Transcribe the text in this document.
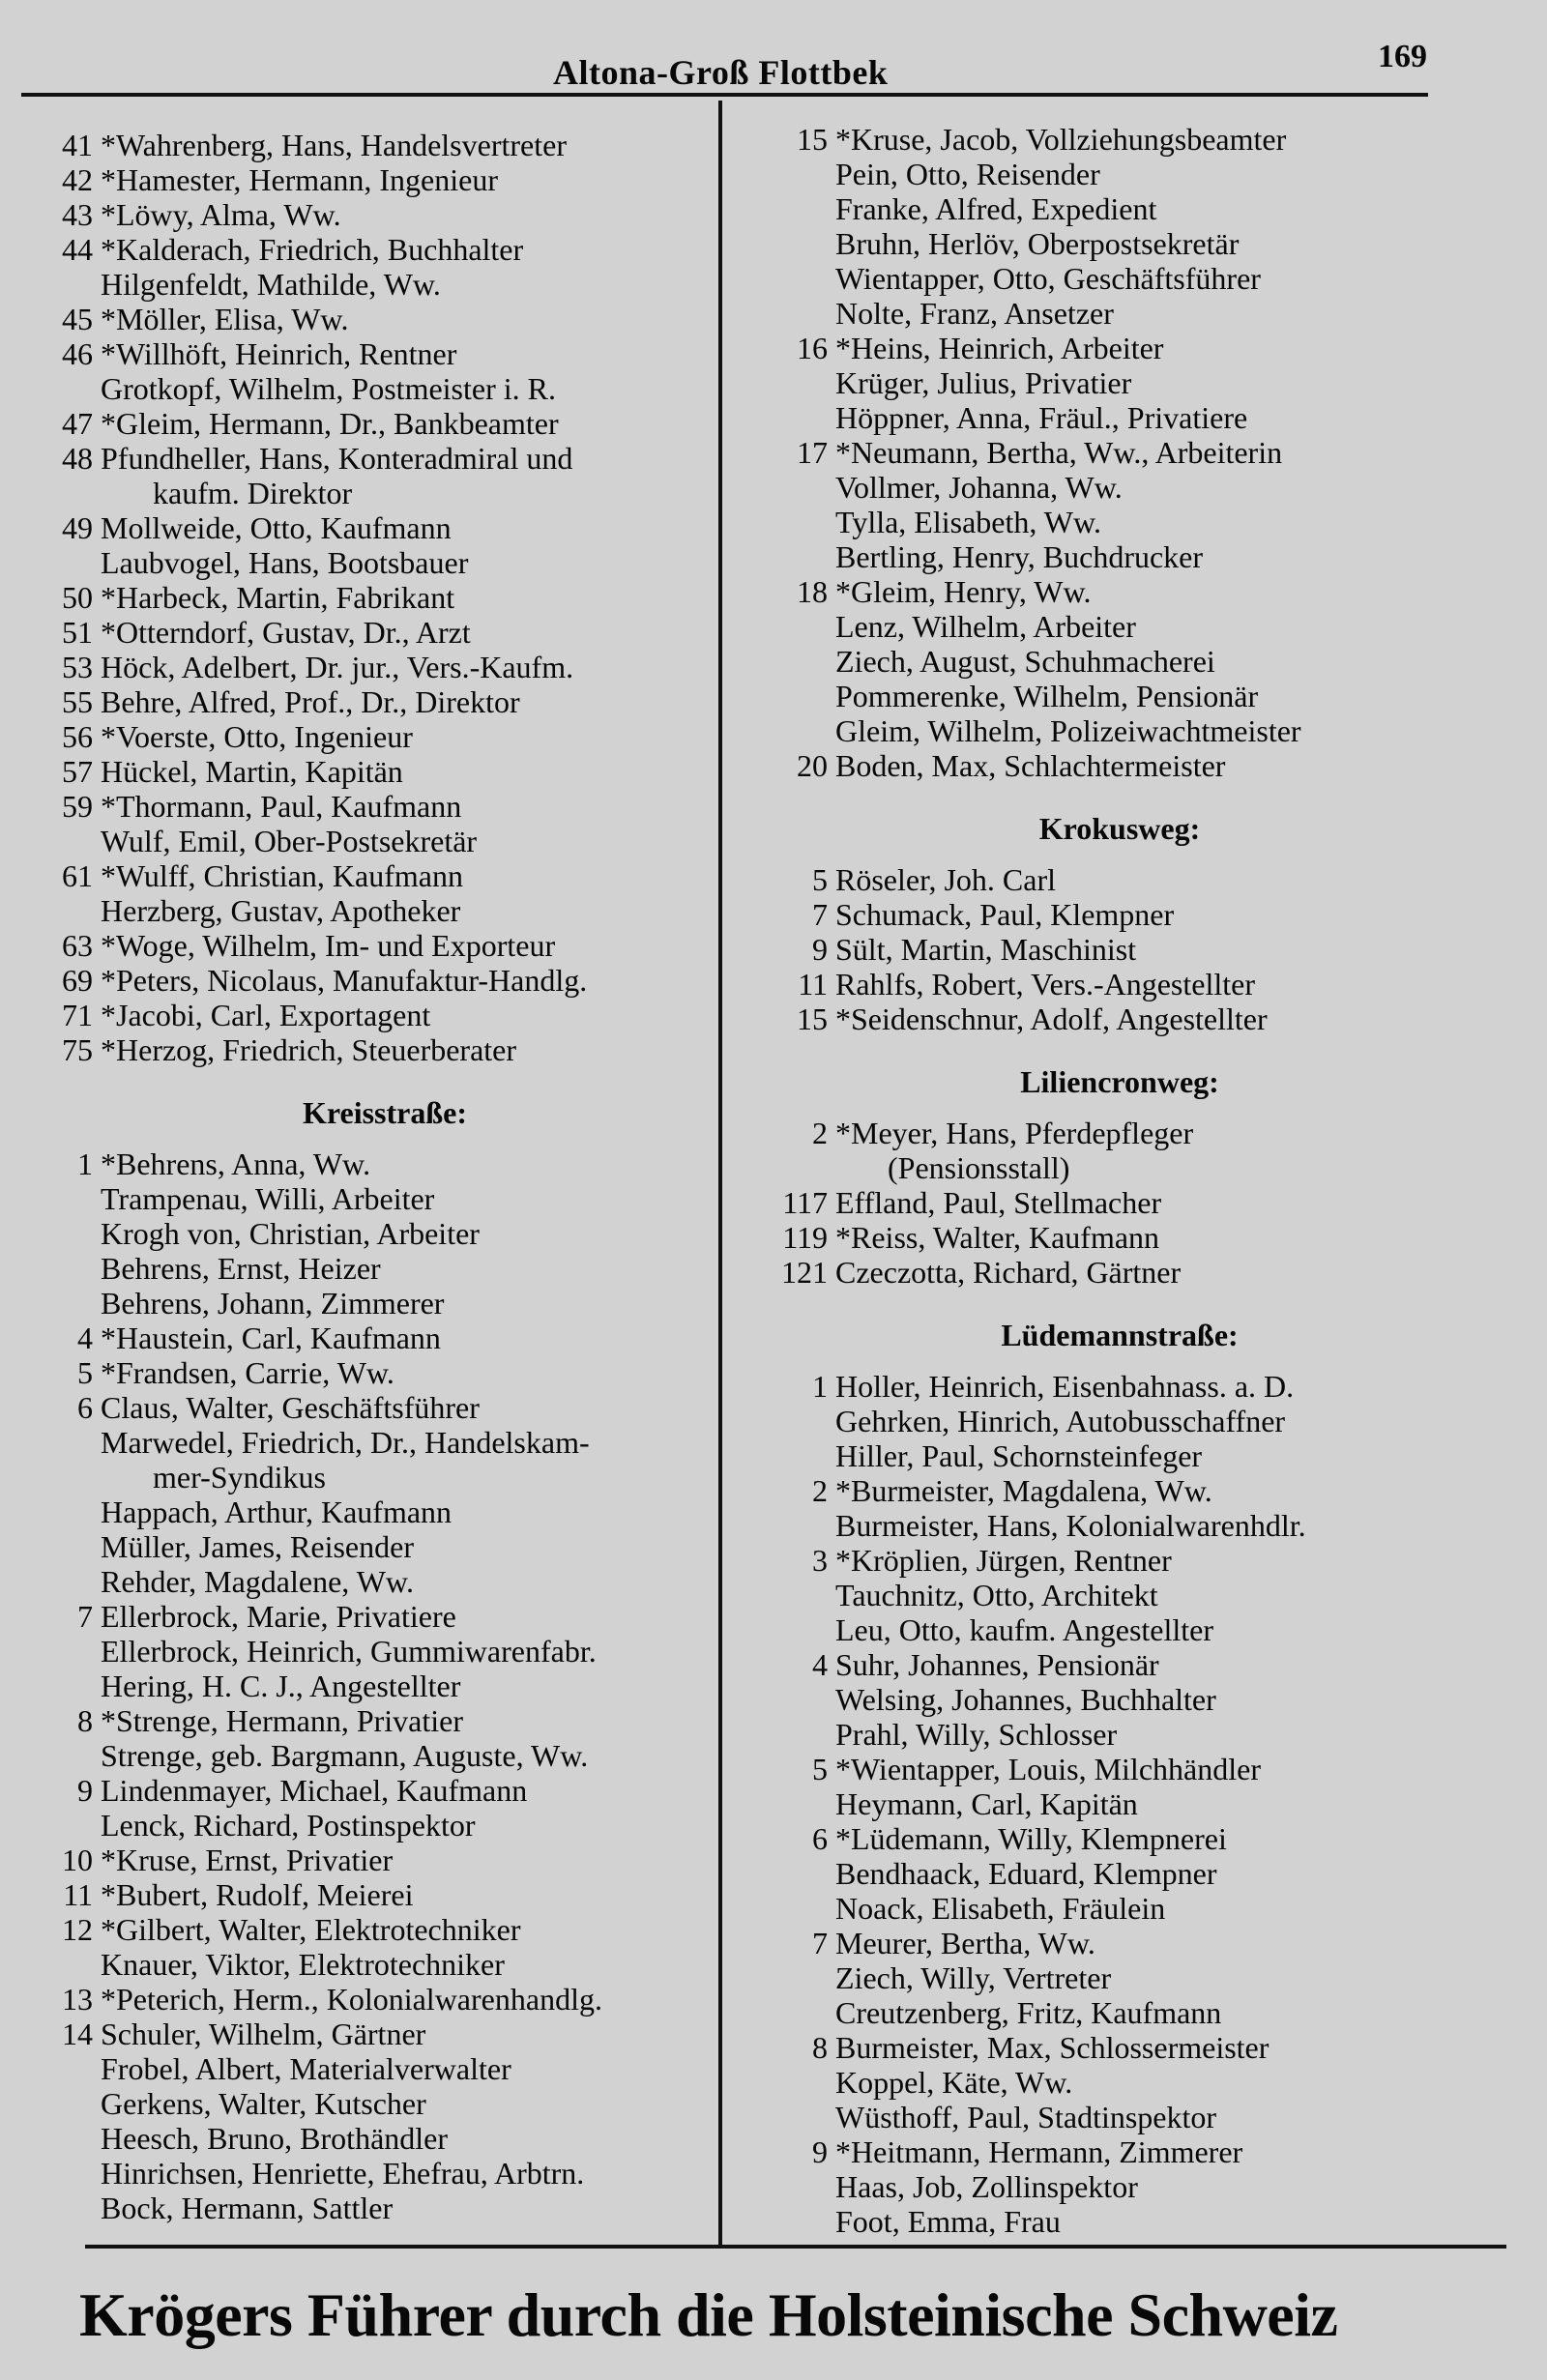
Altona-Groß Flottbek	169
41 *Wahrenberg, Hans, Handelsvertreter
42 *Hamester, Hermann, Ingenieur
43 *Löwy, Alma, Ww.
44 *Kalderach, Friedrich, Buchhalter
Hilgenfeldt, Mathilde, Ww.
45 *Möller, Elisa, Ww.
46 *Willhöft, Heinrich, Rentner
Grotkopf, Wilhelm, Postmeister i. R.
47 *Gleim, Hermann, Dr., Bankbeamter
48 Pfundheller, Hans, Konteradmiral und
kaufm. Direktor
49 Mollweide, Otto, Kaufmann
Laubvogel, Hans, Bootsbauer
50 *Harbeck, Martin, Fabrikant
51 *Otterndorf, Gustav, Dr., Arzt
53 Höck, Adelbert, Dr. jur., Vers.-Kaufm.
55 Behre, Alfred, Prof., Dr., Direktor
56 *Voerste, Otto, Ingenieur
57 Hückel, Martin, Kapitän
59 *Thormann, Paul, Kaufmann
Wulf, Emil, Ober-Postsekretär
61 *Wulff, Christian, Kaufmann
Herzberg, Gustav, Apotheker
63 *Woge, Wilhelm, Im- und Exporteur
69 *Peters, Nicolaus, Manufaktur-Handlg.
71 *Jacobi, Carl, Exportagent
75 *Herzog, Friedrich, Steuerberater
Kreisstraße:
1 *Behrens, Anna, Ww.
Trampenau, Willi, Arbeiter
Krogh von, Christian, Arbeiter
Behrens, Ernst, Heizer
Behrens, Johann, Zimmerer
4 *Haustein, Carl, Kaufmann
5 *Frandsen, Carrie, Ww.
6 Claus, Walter, Geschäftsführer
Marwedel, Friedrich, Dr., Handelskam-
mer-Syndikus
Happach, Arthur, Kaufmann
Müller, James, Reisender
Rehder, Magdalene, Ww.
7 Ellerbrock, Marie, Privatiere
Ellerbrock, Heinrich, Gummiwarenfabr.
Hering, H. C. J., Angestellter
8 *Strenge, Hermann, Privatier
Strenge, geb. Bargmann, Auguste, Ww.
9 Lindenmayer, Michael, Kaufmann
Lenck, Richard, Postinspektor
10 *Kruse, Ernst, Privatier
11 *Bubert, Rudolf, Meierei
12 *Gilbert, Walter, Elektrotechniker
Knauer, Viktor, Elektrotechniker
13 *Peterich, Herm., Kolonialwarenhandlg.
14 Schuler, Wilhelm, Gärtner
Frobel, Albert, Materialverwalter
Gerkens, Walter, Kutscher
Heesch, Bruno, Brothändler
Hinrichsen, Henriette, Ehefrau, Arbtrn.
Bock, Hermann, Sattler
15 *Kruse, Jacob, Vollziehungsbeamter
Pein, Otto, Reisender
Franke, Alfred, Expedient
Bruhn, Herlöv, Oberpostsekretär
Wientapper, Otto, Geschäftsführer
Nolte, Franz, Ansetzer
16 *Heins, Heinrich, Arbeiter
Krüger, Julius, Privatier
Höppner, Anna, Fräul., Privatiere
17 *Neumann, Bertha, Ww., Arbeiterin
Vollmer, Johanna, Ww.
Tylla, Elisabeth, Ww.
Bertling, Henry, Buchdrucker
18 *Gleim, Henry, Ww.
Lenz, Wilhelm, Arbeiter
Ziech, August, Schuhmacherei
Pommerenke, Wilhelm, Pensionär
Gleim, Wilhelm, Polizeiwachtmeister
20 Boden, Max, Schlachtermeister
Krokusweg:
5 Röseler, Joh. Carl
7 Schumack, Paul, Klempner
9 Sült, Martin, Maschinist
11 Rahlfs, Robert, Vers.-Angestellter
15 *Seidenschnur, Adolf, Angestellter
Liliencronweg:
2 *Meyer, Hans, Pferdepfleger
(Pensionsstall)
117 Effland, Paul, Stellmacher
119 *Reiss, Walter, Kaufmann
121 Czeczotta, Richard, Gärtner
Lüdemannstraße:
1 Holler, Heinrich, Eisenbahnass. a. D.
Gehrken, Hinrich, Autobusschaffner
Hiller, Paul, Schornsteinfeger
2 *Burmeister, Magdalena, Ww.
Burmeister, Hans, Kolonialwarenhdlr.
3 *Kröplien, Jürgen, Rentner
Tauchnitz, Otto, Architekt
Leu, Otto, kaufm. Angestellter
4 Suhr, Johannes, Pensionär
Welsing, Johannes, Buchhalter
Prahl, Willy, Schlosser
5 *Wientapper, Louis, Milchhändler
Heymann, Carl, Kapitän
6 *Lüdemann, Willy, Klempnerei
Bendhaack, Eduard, Klempner
Noack, Elisabeth, Fräulein
7 Meurer, Bertha, Ww.
Ziech, Willy, Vertreter
Creutzenberg, Fritz, Kaufmann
8 Burmeister, Max, Schlossermeister
Koppel, Käte, Ww.
Wüsthoff, Paul, Stadtinspektor
9 *Heitmann, Hermann, Zimmerer
Haas, Job, Zollinspektor
Foot, Emma, Frau
Krögers Führer durch die Holsteinische Schweiz
